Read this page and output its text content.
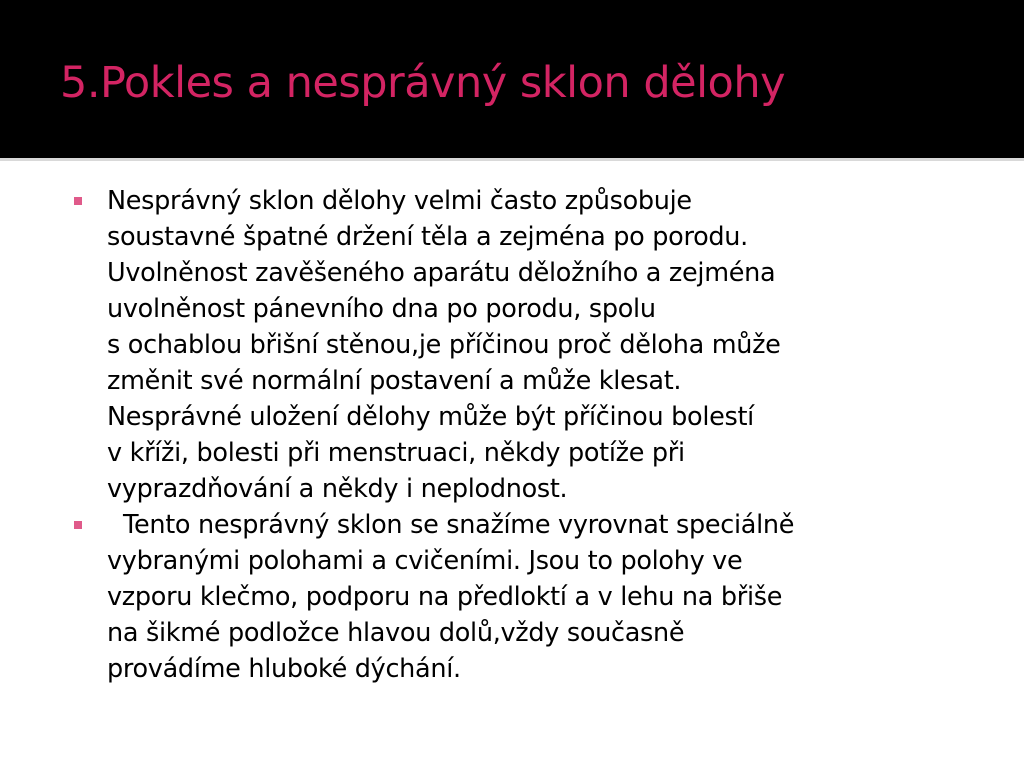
5.Pokles a nesprávný sklon dělohy
Nesprávný sklon dělohy velmi často způsobuje
soustavné špatné držení těla a zejména po porodu.
Uvolněnost zavěšeného aparátu děložního a zejména
uvolněnost pánevního dna po porodu, spolu
s ochablou břišní stěnou,je příčinou proč děloha může
změnit své normální postavení a může klesat.
Nesprávné uložení dělohy může být příčinou bolestí
v kříži, bolesti při menstruaci, někdy potíže při
vyprazdňování a někdy i neplodnost.
Tento nesprávný sklon se snažíme vyrovnat speciálně
vybranými polohami a cvičeními. Jsou to polohy ve
vzporu klečmo, podporu na předloktí a v lehu na břiše
na šikmé podložce hlavou dolů,vždy současně
provádíme hluboké dýchání.
